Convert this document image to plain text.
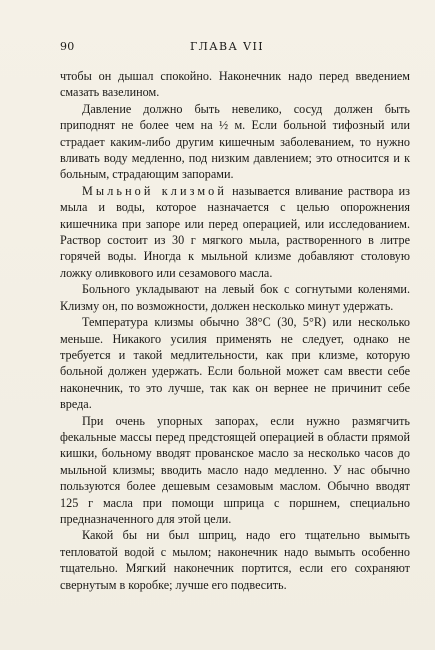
90	ГЛАВА VII

чтобы он дышал спокойно. Наконечник надо перед введением смазать вазелином.

Давление должно быть невелико, сосуд должен быть приподнят не более чем на ½ м. Если больной тифозный или страдает каким-либо другим кишечным заболеванием, то нужно вливать воду медленно, под низким давлением; это относится и к больным, страдающим запорами.

Мыльной клизмой называется вливание раствора из мыла и воды, которое назначается с целью опорожнения кишечника при запоре или перед операцией, или исследованием. Раствор состоит из 30 г мягкого мыла, растворенного в литре горячей воды. Иногда к мыльной клизме добавляют столовую ложку оливкового или сезамового масла.

Больного укладывают на левый бок с согнутыми коленями. Клизму он, по возможности, должен несколько минут удержать.

Температура клизмы обычно 38°С (30, 5°R) или несколько меньше. Никакого усилия применять не следует, однако не требуется и такой медлительности, как при клизме, которую больной должен удержать. Если больной может сам ввести себе наконечник, то это лучше, так как он вернее не причинит себе вреда.

При очень упорных запорах, если нужно размягчить фекальные массы перед предстоящей операцией в области прямой кишки, больному вводят прованское масло за несколько часов до мыльной клизмы; вводить масло надо медленно. У нас обычно пользуются более дешевым сезамовым маслом. Обычно вводят 125 г масла при помощи шприца с поршнем, специально предназначенного для этой цели.

Какой бы ни был шприц, надо его тщательно вымыть тепловатой водой с мылом; наконечник надо вымыть особенно тщательно. Мягкий наконечник портится, если его сохраняют свернутым в коробке; лучше его подвесить.
